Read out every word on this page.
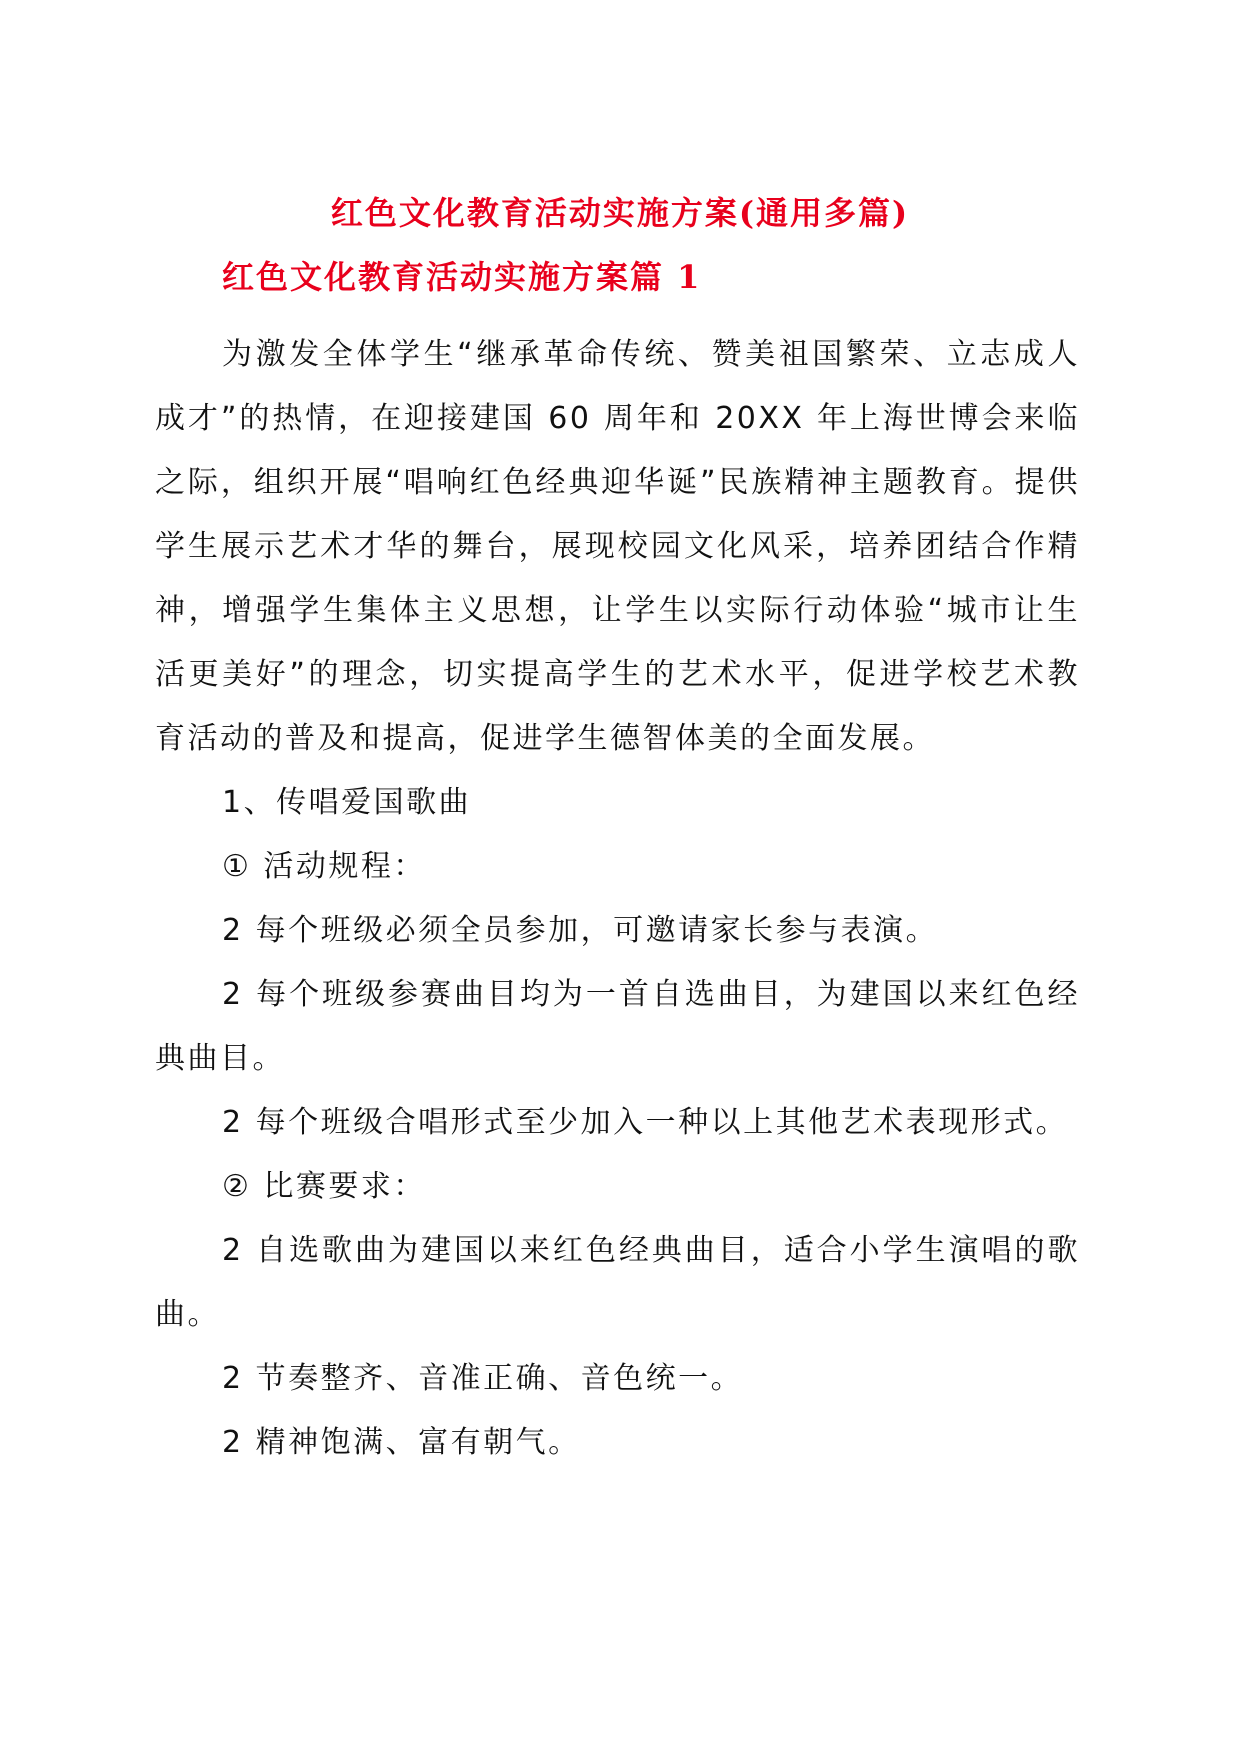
红色文化教育活动实施方案(通用多篇)
红色文化教育活动实施方案篇 1

为激发全体学生“继承革命传统、赞美祖国繁荣、立志成人成才”的热情，在迎接建国 60 周年和 20XX 年上海世博会来临之际，组织开展“唱响红色经典迎华诞”民族精神主题教育。提供学生展示艺术才华的舞台，展现校园文化风采，培养团结合作精神，增强学生集体主义思想，让学生以实际行动体验“城市让生活更美好”的理念，切实提高学生的艺术水平，促进学校艺术教育活动的普及和提高，促进学生德智体美的全面发展。

1、传唱爱国歌曲

① 活动规程：

2 每个班级必须全员参加，可邀请家长参与表演。

2 每个班级参赛曲目均为一首自选曲目，为建国以来红色经典曲目。

2 每个班级合唱形式至少加入一种以上其他艺术表现形式。

② 比赛要求：

2 自选歌曲为建国以来红色经典曲目，适合小学生演唱的歌曲。

2 节奏整齐、音准正确、音色统一。

2 精神饱满、富有朝气。
